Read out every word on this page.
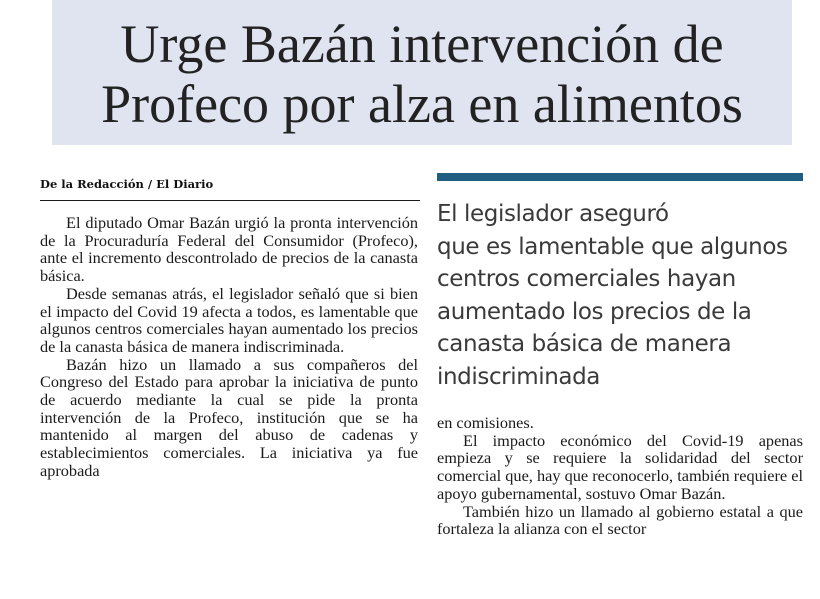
Urge Bazán intervención de
Profeco por alza en alimentos
De la Redacción / El Diario

El diputado Omar Bazán urgió la pronta intervención de la Procuraduría Federal del Consumidor (Profeco), ante el incremento descontrolado de precios de la canasta básica.

Desde semanas atrás, el legislador señaló que si bien el impacto del Covid 19 afecta a todos, es lamentable que algunos centros comerciales hayan aumentado los precios de la canasta básica de manera indiscriminada.

Bazán hizo un llamado a sus compañeros del Congreso del Estado para aprobar la iniciativa de punto de acuerdo mediante la cual se pide la pronta intervención de la Profeco, institución que se ha mantenido al margen del abuso de cadenas y establecimientos comerciales. La iniciativa ya fue aprobada

El legislador aseguró
que es lamentable que algunos
centros comerciales hayan
aumentado los precios de la
canasta básica de manera
indiscriminada

en comisiones.

El impacto económico del Covid-19 apenas empieza y se requiere la solidaridad del sector comercial que, hay que reconocerlo, también requiere el apoyo gubernamental, sostuvo Omar Bazán.

También hizo un llamado al gobierno estatal a que fortaleza la alianza con el sector
